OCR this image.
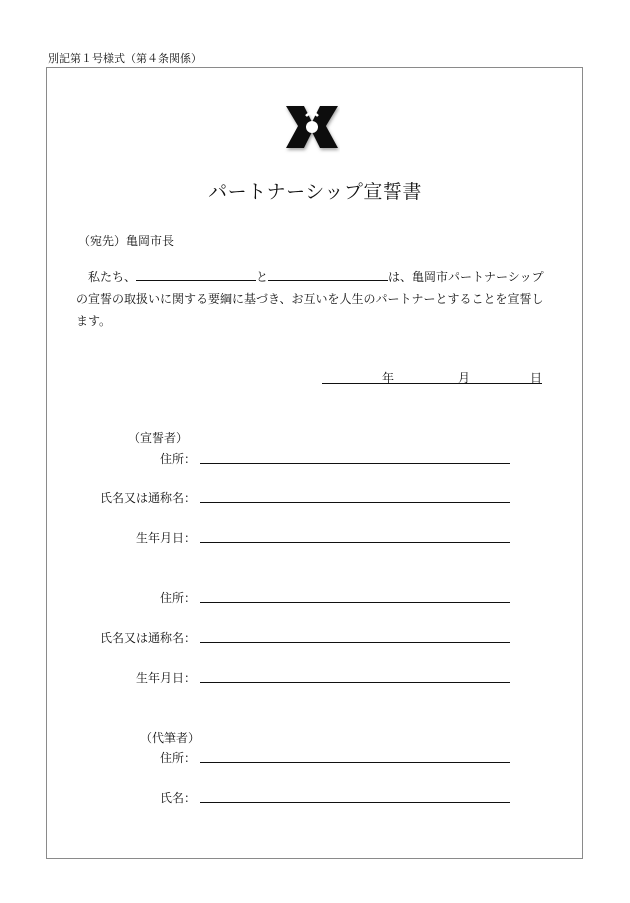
別記第１号様式（第４条関係）
パートナーシップ宣誓書
（宛先）亀岡市長

　私たち、	と	は、亀岡市パートナーシップ

の宣誓の取扱いに関する要綱に基づき、お互いを人生のパートナーとすることを宣誓し

ます。

年	月	日
（宣誓者）
住所：
氏名又は通称名：
生年月日：
住所：
氏名又は通称名：
生年月日：
（代筆者）
住所：
氏名：
